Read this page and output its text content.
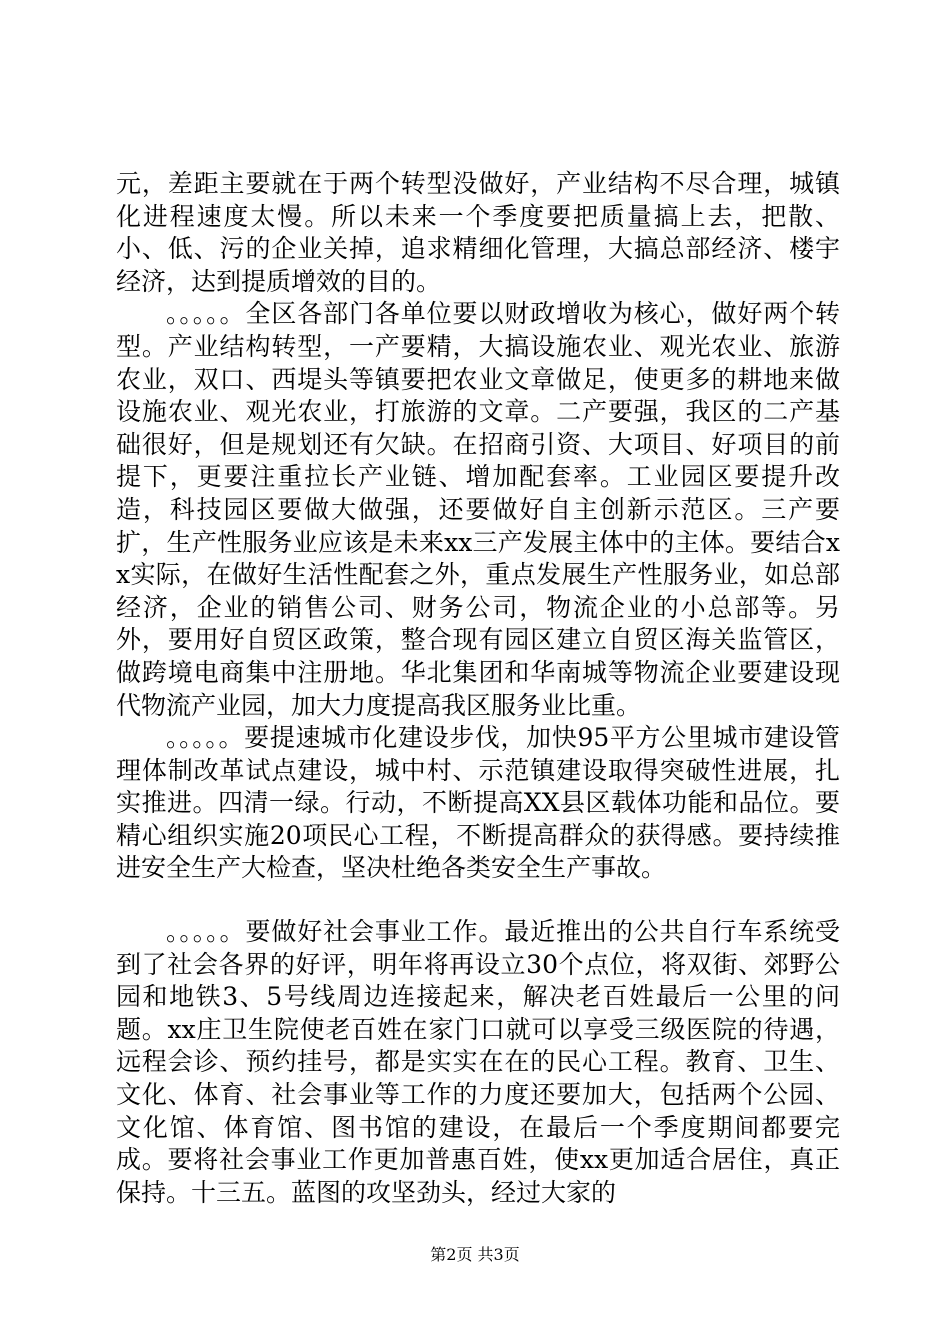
元，差距主要就在于两个转型没做好，产业结构不尽合理，城镇化进程速度太慢。所以未来一个季度要把质量搞上去，把散、小、低、污的企业关掉，追求精细化管理，大搞总部经济、楼宇经济，达到提质增效的目的。

。。。。。全区各部门各单位要以财政增收为核心，做好两个转型。产业结构转型，一产要精，大搞设施农业、观光农业、旅游农业，双口、西堤头等镇要把农业文章做足，使更多的耕地来做设施农业、观光农业，打旅游的文章。二产要强，我区的二产基础很好，但是规划还有欠缺。在招商引资、大项目、好项目的前提下，更要注重拉长产业链、增加配套率。工业园区要提升改造，科技园区要做大做强，还要做好自主创新示范区。三产要扩，生产性服务业应该是未来xx三产发展主体中的主体。要结合xx实际，在做好生活性配套之外，重点发展生产性服务业，如总部经济，企业的销售公司、财务公司，物流企业的小总部等。另外，要用好自贸区政策，整合现有园区建立自贸区海关监管区，做跨境电商集中注册地。华北集团和华南城等物流企业要建设现代物流产业园，加大力度提高我区服务业比重。

。。。。。要提速城市化建设步伐，加快95平方公里城市建设管理体制改革试点建设，城中村、示范镇建设取得突破性进展，扎实推进。四清一绿。行动，不断提高XX县区载体功能和品位。要精心组织实施20项民心工程，不断提高群众的获得感。要持续推进安全生产大检查，坚决杜绝各类安全生产事故。

。。。。。要做好社会事业工作。最近推出的公共自行车系统受到了社会各界的好评，明年将再设立30个点位，将双街、郊野公园和地铁3、5号线周边连接起来，解决老百姓最后一公里的问题。xx庄卫生院使老百姓在家门口就可以享受三级医院的待遇，远程会诊、预约挂号，都是实实在在的民心工程。教育、卫生、文化、体育、社会事业等工作的力度还要加大，包括两个公园、文化馆、体育馆、图书馆的建设，在最后一个季度期间都要完成。要将社会事业工作更加普惠百姓，使xx更加适合居住，真正保持。十三五。蓝图的攻坚劲头，经过大家的

第2页 共3页
